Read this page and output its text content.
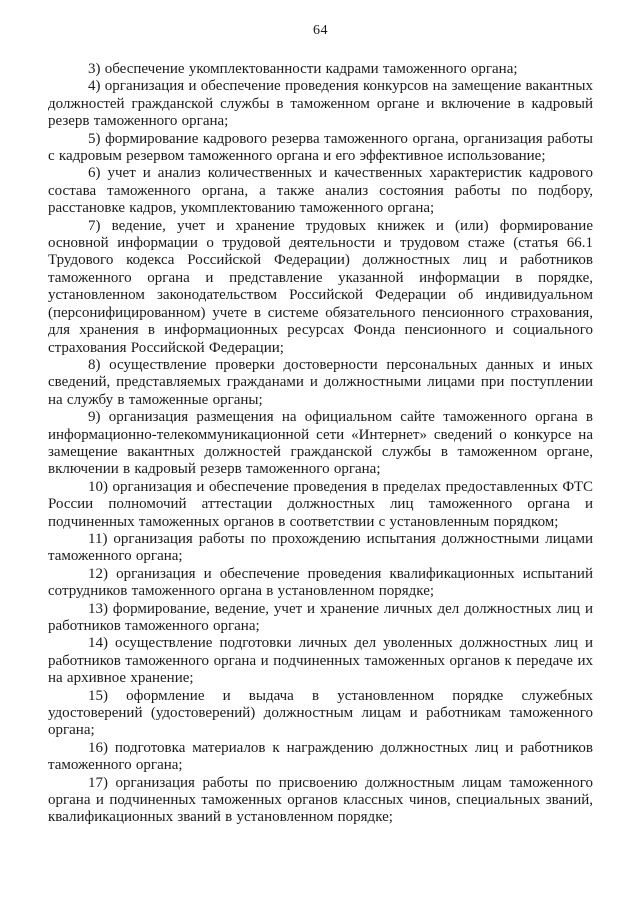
64

3) обеспечение укомплектованности кадрами таможенного органа;

4) организация и обеспечение проведения конкурсов на замещение вакантных должностей гражданской службы в таможенном органе и включение в кадровый резерв таможенного органа;

5) формирование кадрового резерва таможенного органа, организация работы с кадровым резервом таможенного органа и его эффективное использование;

6) учет и анализ количественных и качественных характеристик кадрового состава таможенного органа, а также анализ состояния работы по подбору, расстановке кадров, укомплектованию таможенного органа;

7) ведение, учет и хранение трудовых книжек и (или) формирование основной информации о трудовой деятельности и трудовом стаже (статья 66.1 Трудового кодекса Российской Федерации) должностных лиц и работников таможенного органа и представление указанной информации в порядке, установленном законодательством Российской Федерации об индивидуальном (персонифицированном) учете в системе обязательного пенсионного страхования, для хранения в информационных ресурсах Фонда пенсионного и социального страхования Российской Федерации;

8) осуществление проверки достоверности персональных данных и иных сведений, представляемых гражданами и должностными лицами при поступлении на службу в таможенные органы;

9) организация размещения на официальном сайте таможенного органа в информационно-телекоммуникационной сети «Интернет» сведений о конкурсе на замещение вакантных должностей гражданской службы в таможенном органе, включении в кадровый резерв таможенного органа;

10) организация и обеспечение проведения в пределах предоставленных ФТС России полномочий аттестации должностных лиц таможенного органа и подчиненных таможенных органов в соответствии с установленным порядком;

11) организация работы по прохождению испытания должностными лицами таможенного органа;

12) организация и обеспечение проведения квалификационных испытаний сотрудников таможенного органа в установленном порядке;

13) формирование, ведение, учет и хранение личных дел должностных лиц и работников таможенного органа;

14) осуществление подготовки личных дел уволенных должностных лиц и работников таможенного органа и подчиненных таможенных органов к передаче их на архивное хранение;

15) оформление и выдача в установленном порядке служебных удостоверений (удостоверений) должностным лицам и работникам таможенного органа;

16) подготовка материалов к награждению должностных лиц и работников таможенного органа;

17) организация работы по присвоению должностным лицам таможенного органа и подчиненных таможенных органов классных чинов, специальных званий, квалификационных званий в установленном порядке;
